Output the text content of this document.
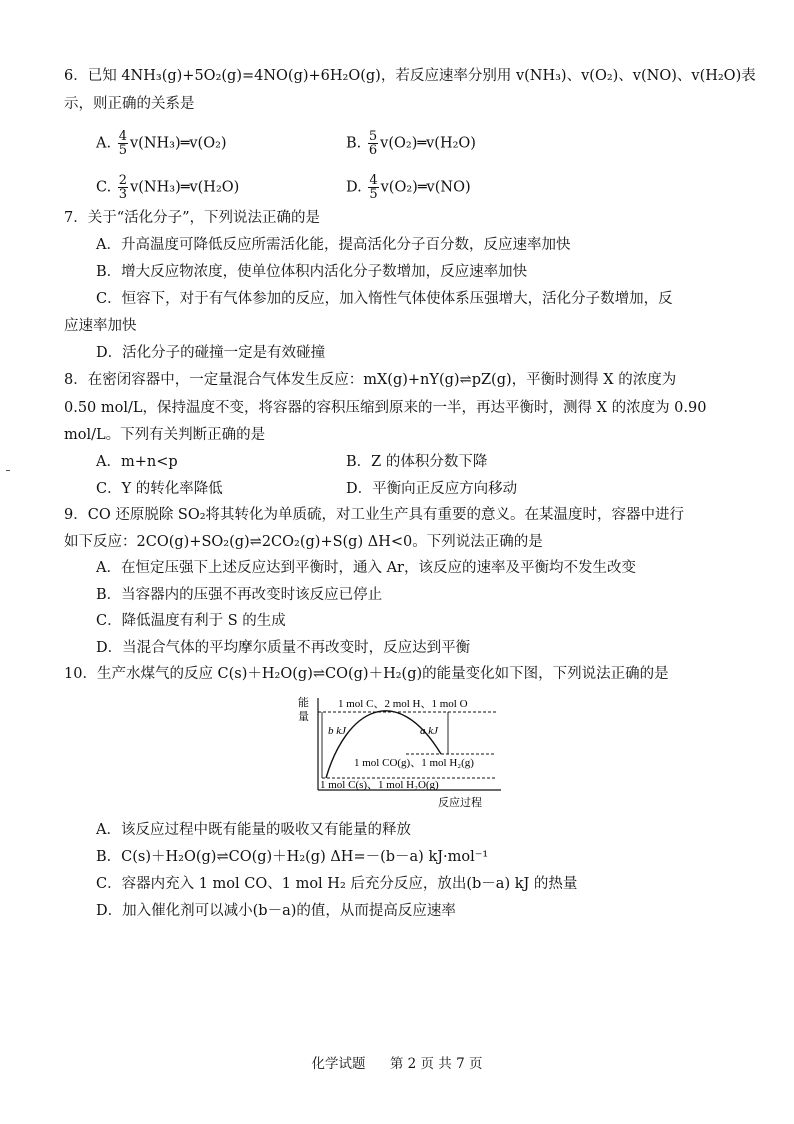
6．已知 4NH₃(g)+5O₂(g)=4NO(g)+6H₂O(g)，若反应速率分别用 v(NH₃)、v(O₂)、v(NO)、v(H₂O)表
示，则正确的关系是
A. $\frac{4}{5}$ v(NH₃)═v(O₂)	B. $\frac{5}{6}$ v(O₂)═v(H₂O)
C. $\frac{2}{3}$ v(NH₃)═v(H₂O)	D. $\frac{4}{5}$ v(O₂)═v(NO)
7．关于“活化分子”，下列说法正确的是
A．升高温度可降低反应所需活化能，提高活化分子百分数，反应速率加快
B．增大反应物浓度，使单位体积内活化分子数增加，反应速率加快
C．恒容下，对于有气体参加的反应，加入惰性气体使体系压强增大，活化分子数增加，反
应速率加快
D．活化分子的碰撞一定是有效碰撞
8．在密闭容器中，一定量混合气体发生反应：mX(g)+nY(g)⇌pZ(g)，平衡时测得 X 的浓度为
0.50 mol/L，保持温度不变，将容器的容积压缩到原来的一半，再达平衡时，测得 X 的浓度为 0.90
mol/L。下列有关判断正确的是
A．m+n<p	B．Z 的体积分数下降
C．Y 的转化率降低	D．平衡向正反应方向移动
9．CO 还原脱除 SO₂将其转化为单质硫，对工业生产具有重要的意义。在某温度时，容器中进行
如下反应：2CO(g)+SO₂(g)⇌2CO₂(g)+S(g) ΔH<0。下列说法正确的是
A．在恒定压强下上述反应达到平衡时，通入 Ar，该反应的速率及平衡均不发生改变
B．当容器内的压强不再改变时该反应已停止
C．降低温度有利于 S 的生成
D．当混合气体的平均摩尔质量不再改变时，反应达到平衡
10．生产水煤气的反应 C(s)＋H₂O(g)⇌CO(g)＋H₂(g)的能量变化如下图，下列说法正确的是
能
量
1 mol C、2 mol H、1 mol O
b kJ	a kJ
1 mol CO(g)、1 mol H₂(g)
1 mol C(s)、1 mol H₂O(g)
反应过程
A．该反应过程中既有能量的吸收又有能量的释放
B．C(s)＋H₂O(g)⇌CO(g)＋H₂(g) ΔH=－(b－a) kJ·mol⁻¹
C．容器内充入 1 mol CO、1 mol H₂ 后充分反应，放出(b－a) kJ 的热量
D．加入催化剂可以减小(b－a)的值，从而提高反应速率
化学试题 第 2 页 共 7 页
